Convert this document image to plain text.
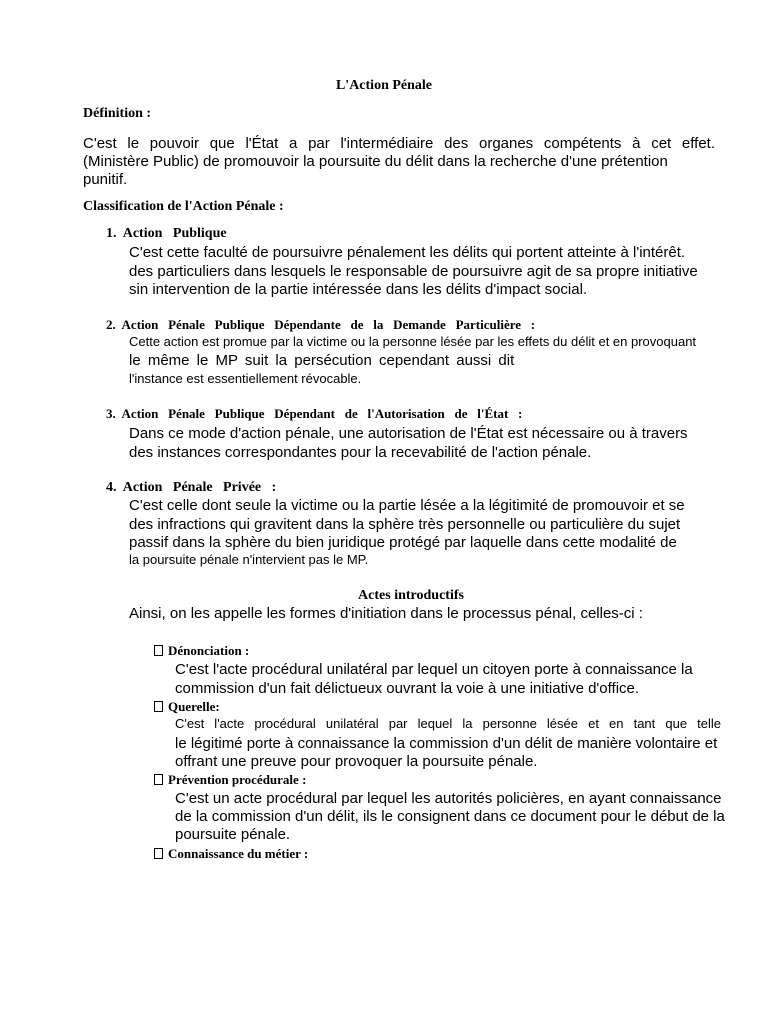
L'Action Pénale
Définition :
C'est le pouvoir que l'État a par l'intermédiaire des organes compétents à cet effet.
(Ministère Public) de promouvoir la poursuite du délit dans la recherche d'une prétention
punitif.
Classification de l'Action Pénale :
1.  Action   Publique
C'est cette faculté de poursuivre pénalement les délits qui portent atteinte à l'intérêt.
des particuliers dans lesquels le responsable de poursuivre agit de sa propre initiative
sin intervention de la partie intéressée dans les délits d'impact social.
2.  Action   Pénale   Publique   Dépendante   de   la   Demande   Particulière   :
Cette action est promue par la victime ou la personne lésée par les effets du délit et en provoquant
le même le MP suit la persécution cependant aussi dit
l'instance est essentiellement révocable.
3.  Action   Pénale   Publique   Dépendant   de   l'Autorisation   de   l'État   :
Dans ce mode d'action pénale, une autorisation de l'État est nécessaire ou à travers
des instances correspondantes pour la recevabilité de l'action pénale.
4.  Action   Pénale   Privée   :
C'est celle dont seule la victime ou la partie lésée a la légitimité de promouvoir et se
des infractions qui gravitent dans la sphère très personnelle ou particulière du sujet
passif dans la sphère du bien juridique protégé par laquelle dans cette modalité de
la poursuite pénale n'intervient pas le MP.
Actes introductifs
Ainsi, on les appelle les formes d'initiation dans le processus pénal, celles-ci :
Dénonciation :
C'est l'acte procédural unilatéral par lequel un citoyen porte à connaissance la
commission d'un fait délictueux ouvrant la voie à une initiative d'office.
Querelle:
C'est l'acte procédural unilatéral par lequel la personne lésée et en tant que telle
le légitimé porte à connaissance la commission d'un délit de manière volontaire et
offrant une preuve pour provoquer la poursuite pénale.
Prévention procédurale :
C'est un acte procédural par lequel les autorités policières, en ayant connaissance
de la commission d'un délit, ils le consignent dans ce document pour le début de la
poursuite pénale.
Connaissance du métier :
